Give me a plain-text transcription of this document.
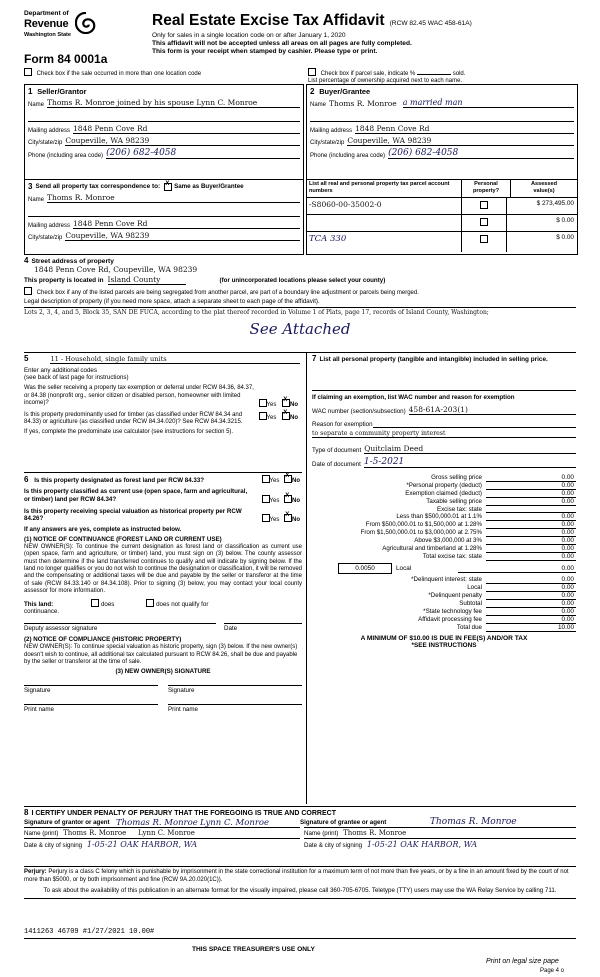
Department of
Revenue
Washington State
Form 84 0001a
Real Estate Excise Tax Affidavit (RCW 82.45 WAC 458-61A)
Only for sales in a single location code on or after January 1, 2020
This affidavit will not be accepted unless all areas on all pages are fully completed.
This form is your receipt when stamped by cashier. Please type or print.
Check box if the sale occurred in more than one location code	Check box if parcel sale, indicate %	sold.
List percentage of ownership acquired next to each name.
1 Seller/Grantor
Name Thoms R. Monroe joined by his spouse Lynn C. Monroe
Mailing address 1848 Penn Cove Rd
City/state/zip Coupeville, WA 98239
Phone (including area code) (206) 682-4058
2 Buyer/Grantee
Name Thoms R. Monroe a married man
Mailing address 1848 Penn Cove Rd
City/state/zip Coupeville, WA 98239
Phone (including area code) (206) 682-4058
3 Send all property tax correspondence to: X Same as Buyer/Grantee
Name Thoms R. Monroe
Mailing address 1848 Penn Cove Rd
City/state/zip Coupeville, WA 98239
List all real and personal property tax parcel account numbers
Personal
property?
Assessed
value(s)
-S8060-00-35002-0	$ 273,495.00
$ 0.00
TCA 330	$ 0.00
4 Street address of property
1848 Penn Cove Rd, Coupeville, WA 98239
This property is located in Island County	(for unincorporated locations please select your county)
Check box if any of the listed parcels are being segregated from another parcel, are part of a boundary line adjustment or parcels being merged.
Legal description of property (if you need more space, attach a separate sheet to each page of the affidavit).
Lots 2, 3, 4, and 5, Block 35, SAN DE FUCA, according to the plat thereof recorded in Volume 1 of Plats, page 17, records of Island County, Washington;
See Attached
5	11 - Household, single family units
Enter any additional codes
(see back of last page for instructions)
Was the seller receiving a property tax exemption or deferral under RCW 84.36, 84.37, or 84.38 (nonprofit org., senior citizen or disabled person, homeowner with limited income)?	Yes X No
Is this property predominantly used for timber (as classified under RCW 84.34 and 84.33) or agriculture (as classified under RCW 84.34.020)? See RCW 84.34.3215.
Yes X No
If yes, complete the predominate use calculator (see instructions for section 5).
6 Is this property designated as forest land per RCW 84.33?	Yes X No
Is this property classified as current use (open space, farm and agricultural, or timber) land per RCW 84.34?	Yes X No
Is this property receiving special valuation as historical property per RCW 84.26?	Yes X No
If any answers are yes, complete as instructed below.
(1) NOTICE OF CONTINUANCE (FOREST LAND OR CURRENT USE)
NEW OWNER(S): To continue the current designation as forest land or classification as current use (open space, farm and agriculture, or timber) land, you must sign on (3) below. The county assessor must then determine if the land transferred continues to qualify and will indicate by signing below. If the land no longer qualifies or you do not wish to continue the designation or classification, it will be removed and the compensating or additional taxes will be due and payable by the seller or transferor at the time of sale (RCW 84.33.140 or 84.34.108). Prior to signing (3) below, you may contact your local county assessor for more information.
This land:	does	does not qualify for
continuance.
Deputy assessor signature	Date
(2) NOTICE OF COMPLIANCE (HISTORIC PROPERTY)
NEW OWNER(S): To continue special valuation as historic property, sign (3) below. If the new owner(s) doesn't wish to continue, all additional tax calculated pursuant to RCW 84.26, shall be due and payable by the seller or transferor at the time of sale.
(3) NEW OWNER(S) SIGNATURE
Signature	Signature
Print name	Print name
7 List all personal property (tangible and intangible) included in selling price.
If claiming an exemption, list WAC number and reason for exemption
WAC number (section/subsection) 458-61A-203(1)
Reason for exemption
to separate a community property interest
Type of document Quitclaim Deed
Date of document 1-5-2021
Gross selling price	0.00
*Personal property (deduct)	0.00
Exemption claimed (deduct)	0.00
Taxable selling price	0.00
Excise tax: state	
Less than $500,000.01 at 1.1%	0.00
From $500,000.01 to $1,500,000 at 1.28%	0.00
From $1,500,000.01 to $3,000,000 at 2.75%	0.00
Above $3,000,000 at 3%	0.00
Agricultural and timberland at 1.28%	0.00
Total excise tax: state	0.00
0.0050	Local	0.00
*Delinquent interest: state	0.00
Local	0.00
*Delinquent penalty	0.00
Subtotal	0.00
*State technology fee	0.00
Affidavit processing fee	0.00
Total due	10.00
A MINIMUM OF $10.00 IS DUE IN FEE(S) AND/OR TAX
*SEE INSTRUCTIONS
8 I CERTIFY UNDER PENALTY OF PERJURY THAT THE FOREGOING IS TRUE AND CORRECT
Signature of grantor or agent Thomas R. Monroe Lynn C. Monroe	Signature of grantee or agent	Thomas R. Monroe
Name (print) Thoms R. Monroe Lynn C. Monroe	Name (print) Thoms R. Monroe
Date & city of signing 1-05-21 OAK HARBOR, WA	Date & city of signing 1-05-21 OAK HARBOR, WA
Perjury: Perjury is a class C felony which is punishable by imprisonment in the state correctional institution for a maximum term of not more than five years, or by a fine in an amount fixed by the court of not more than $5000, or by both imprisonment and fine (RCW 9A.20.020(1C)).
To ask about the availability of this publication in an alternate format for the visually impaired, please call 360-705-6705. Teletype (TTY) users may use the WA Relay Service by calling 711.
1411263 46709 #1/27/2021 10.00#
THIS SPACE TREASURER'S USE ONLY
Print on legal size pape
Page 4 o
